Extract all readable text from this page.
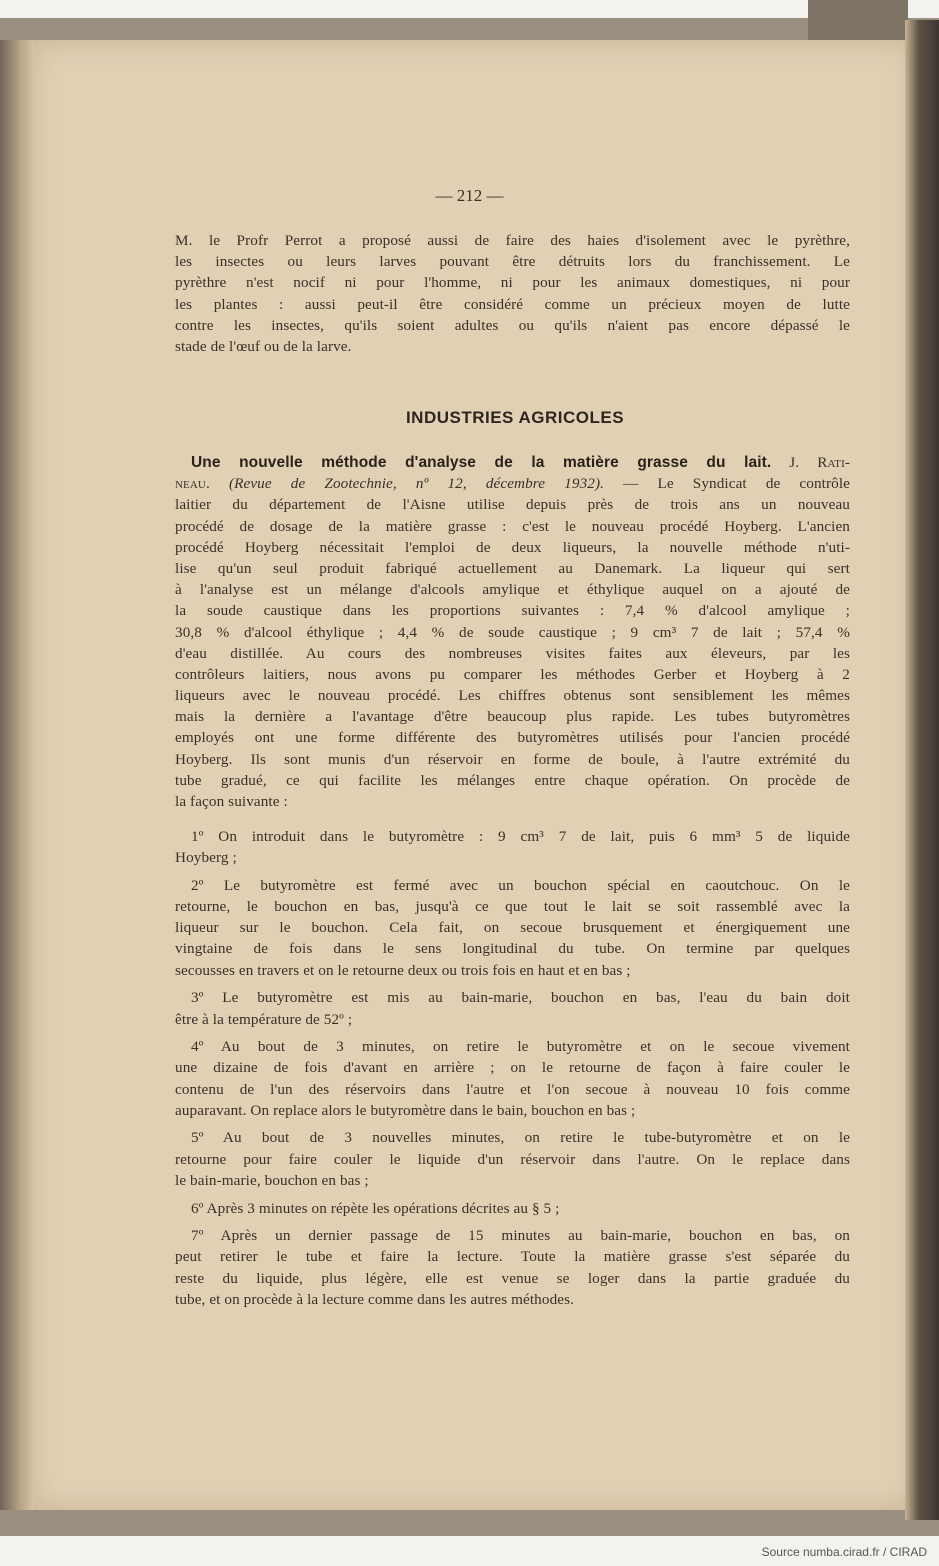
— 212 —
M. le Profr Perrot a proposé aussi de faire des haies d'isolement avec le pyrèthre,
les insectes ou leurs larves pouvant être détruits lors du franchissement. Le
pyrèthre n'est nocif ni pour l'homme, ni pour les animaux domestiques, ni pour
les plantes : aussi peut-il être considéré comme un précieux moyen de lutte
contre les insectes, qu'ils soient adultes ou qu'ils n'aient pas encore dépassé le
stade de l'œuf ou de la larve.
INDUSTRIES AGRICOLES
Une nouvelle méthode d'analyse de la matière grasse du lait. J. Rati-
neau. (Revue de Zootechnie, nº 12, décembre 1932). — Le Syndicat de contrôle
laitier du département de l'Aisne utilise depuis près de trois ans un nouveau
procédé de dosage de la matière grasse : c'est le nouveau procédé Hoyberg. L'ancien
procédé Hoyberg nécessitait l'emploi de deux liqueurs, la nouvelle méthode n'uti-
lise qu'un seul produit fabriqué actuellement au Danemark. La liqueur qui sert
à l'analyse est un mélange d'alcools amylique et éthylique auquel on a ajouté de
la soude caustique dans les proportions suivantes : 7,4 % d'alcool amylique ;
30,8 % d'alcool éthylique ; 4,4 % de soude caustique ; 9 cm³ 7 de lait ; 57,4 %
d'eau distillée. Au cours des nombreuses visites faites aux éleveurs, par les
contrôleurs laitiers, nous avons pu comparer les méthodes Gerber et Hoyberg à 2
liqueurs avec le nouveau procédé. Les chiffres obtenus sont sensiblement les mêmes
mais la dernière a l'avantage d'être beaucoup plus rapide. Les tubes butyromètres
employés ont une forme différente des butyromètres utilisés pour l'ancien procédé
Hoyberg. Ils sont munis d'un réservoir en forme de boule, à l'autre extrémité du
tube gradué, ce qui facilite les mélanges entre chaque opération. On procède de
la façon suivante :
1º On introduit dans le butyromètre : 9 cm³ 7 de lait, puis 6 mm³ 5 de liquide
Hoyberg ;
2º Le butyromètre est fermé avec un bouchon spécial en caoutchouc. On le
retourne, le bouchon en bas, jusqu'à ce que tout le lait se soit rassemblé avec la
liqueur sur le bouchon. Cela fait, on secoue brusquement et énergiquement une
vingtaine de fois dans le sens longitudinal du tube. On termine par quelques
secousses en travers et on le retourne deux ou trois fois en haut et en bas ;
3º Le butyromètre est mis au bain-marie, bouchon en bas, l'eau du bain doit
être à la température de 52º ;
4º Au bout de 3 minutes, on retire le butyromètre et on le secoue vivement
une dizaine de fois d'avant en arrière ; on le retourne de façon à faire couler le
contenu de l'un des réservoirs dans l'autre et l'on secoue à nouveau 10 fois comme
auparavant. On replace alors le butyromètre dans le bain, bouchon en bas ;
5º Au bout de 3 nouvelles minutes, on retire le tube-butyromètre et on le
retourne pour faire couler le liquide d'un réservoir dans l'autre. On le replace dans
le bain-marie, bouchon en bas ;
6º Après 3 minutes on répète les opérations décrites au § 5 ;
7º Après un dernier passage de 15 minutes au bain-marie, bouchon en bas, on
peut retirer le tube et faire la lecture. Toute la matière grasse s'est séparée du
reste du liquide, plus légère, elle est venue se loger dans la partie graduée du
tube, et on procède à la lecture comme dans les autres méthodes.
Source numba.cirad.fr / CIRAD
